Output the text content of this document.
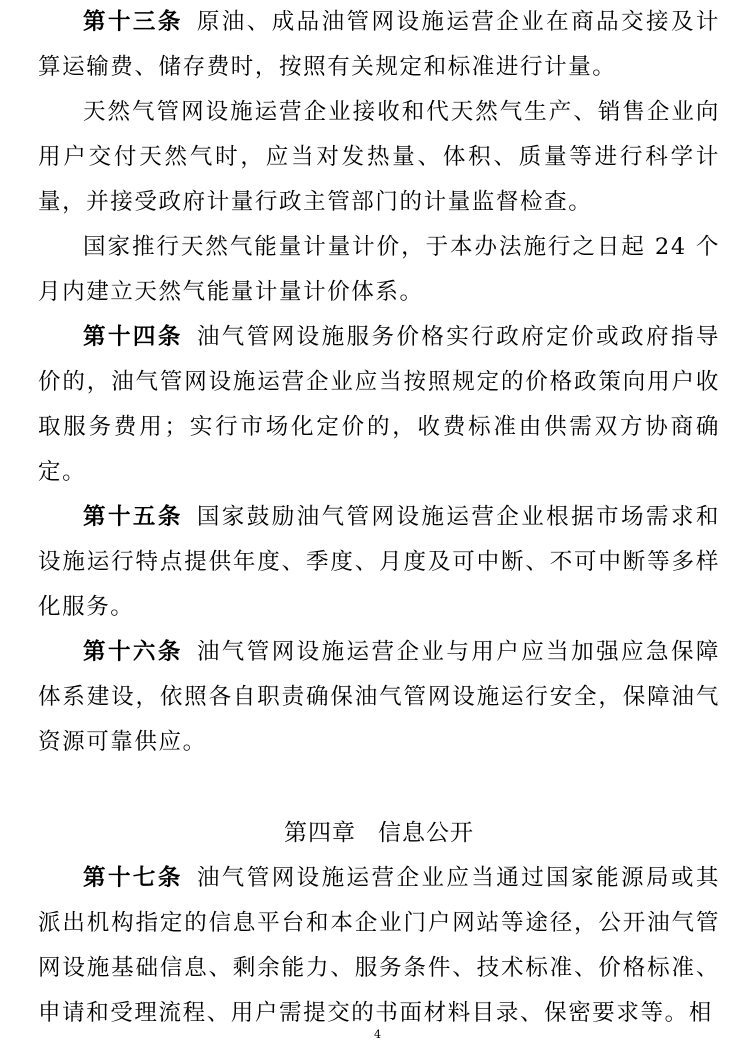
第十三条 原油、成品油管网设施运营企业在商品交接及计算运输费、储存费时，按照有关规定和标准进行计量。

天然气管网设施运营企业接收和代天然气生产、销售企业向用户交付天然气时，应当对发热量、体积、质量等进行科学计量，并接受政府计量行政主管部门的计量监督检查。

国家推行天然气能量计量计价，于本办法施行之日起 24 个月内建立天然气能量计量计价体系。

第十四条 油气管网设施服务价格实行政府定价或政府指导价的，油气管网设施运营企业应当按照规定的价格政策向用户收取服务费用；实行市场化定价的，收费标准由供需双方协商确定。

第十五条 国家鼓励油气管网设施运营企业根据市场需求和设施运行特点提供年度、季度、月度及可中断、不可中断等多样化服务。

第十六条 油气管网设施运营企业与用户应当加强应急保障体系建设，依照各自职责确保油气管网设施运行安全，保障油气资源可靠供应。

第四章 信息公开

第十七条 油气管网设施运营企业应当通过国家能源局或其派出机构指定的信息平台和本企业门户网站等途径，公开油气管网设施基础信息、剩余能力、服务条件、技术标准、价格标准、申请和受理流程、用户需提交的书面材料目录、保密要求等。相

4
